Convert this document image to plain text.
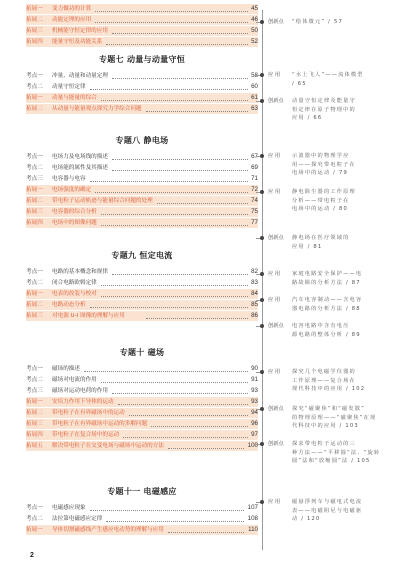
拓展一	变力做功的计算	45
拓展二	动能定理的应用	46
拓展三	机械能守恒定律的应用	50
拓展四	能量守恒及功能关系	52
专题七 动量与动量守恒
考点一	冲量、动量和动量定理	58
考点二	动量守恒定律	60
拓展一	动量与能量的综合	61
拓展二	从动量与能量观点探究力学综合问题	63
专题八 静电场
考点一	电场力及电场线的描述	67
考点二	电场能的属性及其描述	69
考点三	电容器与电容	71
拓展一	电场强度的确定	72
拓展二	带电粒子运动轨迹与能量综合问题的处理	74
拓展三	电容器的综合分析	75
拓展四	电场中的图像问题	77
专题九 恒定电流
考点一	电路的基本概念和规律	82
考点二	闭合电路欧姆定律	83
拓展一	电表的改装与校对	84
拓展二	电路动态分析	85
拓展三	对电源 U-I 图像的理解与应用	86
专题十 磁场
考点一	磁场的描述	90
考点二	磁场对电流的作用	91
考点三	磁场对运动电荷的作用	93
拓展一	安培力作用下导体的运动	93
拓展二	带电粒子在有界磁场中的运动	94
拓展三	带电粒子在有界磁场中运动的多解问题	96
拓展四	带电粒子在复合场中的运动	97
拓展五	解决带电粒子在交变电场与磁场中运动的方法	100
专题十一 电磁感应
考点一	电磁感应现象	107
考点二	法拉第电磁感应定律	108
拓展一	导体切割磁感线产生感应电动势的理解与应用	110
创新点	“绘体微元” / 57
应 用	“水上飞人”——流体模型
/ 65
创新点	动量守恒定律及能量守
恒定律在原子物理中的
应用 / 66
应 用	示波器中的物理学应
用——探究带电粒子在
电场中的运动 / 79
应 用	静电除尘器的工作原理
分析——带电粒子在
电场中的运动 / 80
创新点	静电场在医疗领域的
应用 / 81
应 用	家庭电路安全保护——电
路故障的分析方法 / 87
应 用	汽车电容制动——含电容
器电路的分析方法 / 88
创新点	电容电路中含有电压
源电路的整体分析 / 89
应 用	探究几个电磁学仪器的
工作原理——复合场在
现代科技中的应用 / 102
创新点	探究“磁聚焦”和“磁发散”
的物理原理——“磁聚焦”在现
代科技中的应用 / 103
创新点	探求带电粒子运动的三
种方法——“平移圆”法、“旋转
圆”法和“放缩圆”法 / 105
应 用	磁悬浮列车与磁电式电流
表——电磁阻尼与电磁驱
动 / 120
2
